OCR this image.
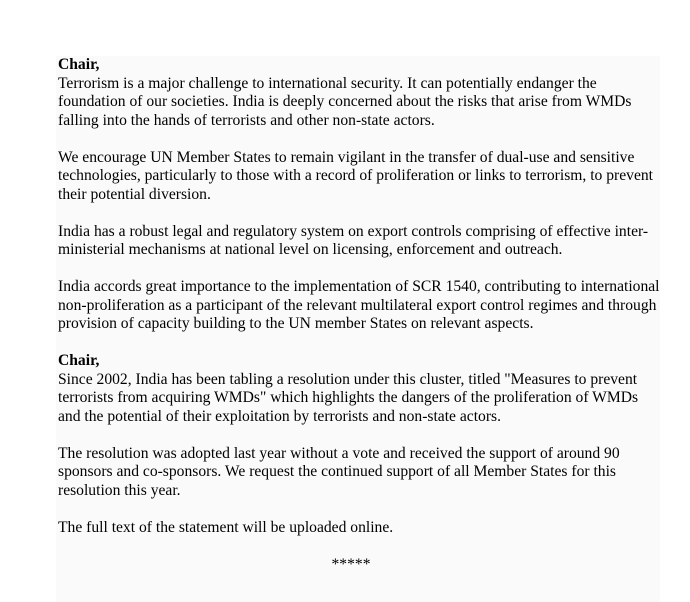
Chair,

Terrorism is a major challenge to international security. It can potentially endanger the foundation of our societies. India is deeply concerned about the risks that arise from WMDs falling into the hands of terrorists and other non-state actors.

We encourage UN Member States to remain vigilant in the transfer of dual-use and sensitive technologies, particularly to those with a record of proliferation or links to terrorism, to prevent their potential diversion.

India has a robust legal and regulatory system on export controls comprising of effective inter-ministerial mechanisms at national level on licensing, enforcement and outreach.

India accords great importance to the implementation of SCR 1540, contributing to international non-proliferation as a participant of the relevant multilateral export control regimes and through provision of capacity building to the UN member States on relevant aspects.

Chair,

Since 2002, India has been tabling a resolution under this cluster, titled "Measures to prevent terrorists from acquiring WMDs" which highlights the dangers of the proliferation of WMDs and the potential of their exploitation by terrorists and non-state actors.

The resolution was adopted last year without a vote and received the support of around 90 sponsors and co-sponsors. We request the continued support of all Member States for this resolution this year.

The full text of the statement will be uploaded online.

*****
